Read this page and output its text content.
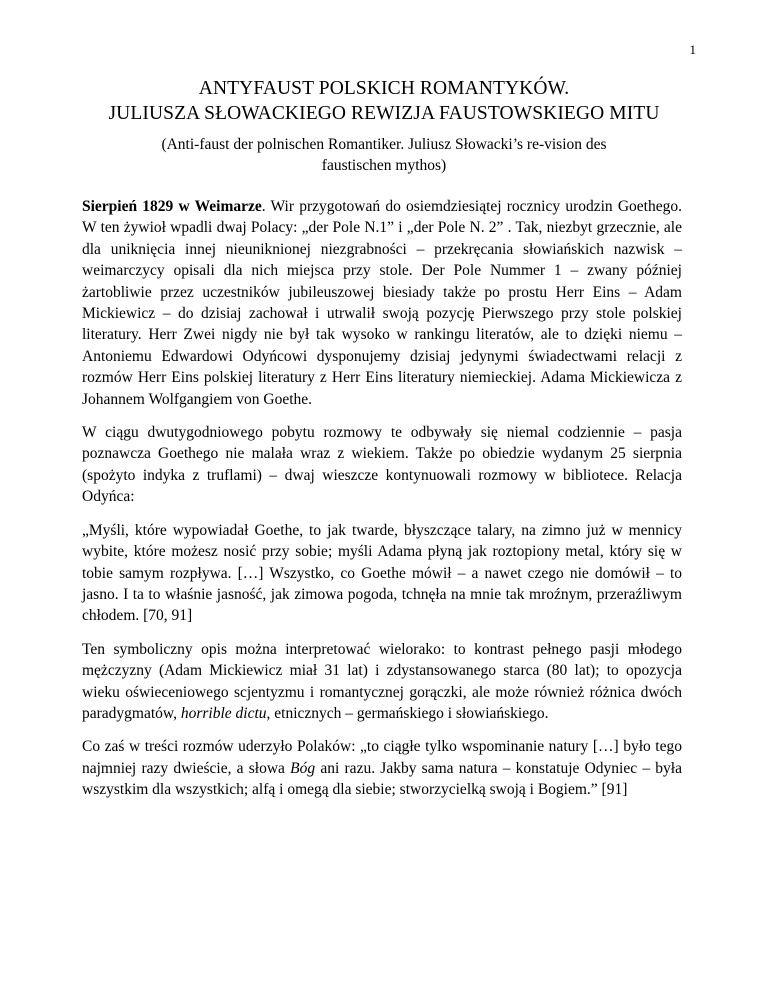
1
ANTYFAUST POLSKICH ROMANTYKÓW.
JULIUSZA SŁOWACKIEGO REWIZJA FAUSTOWSKIEGO MITU
(Anti-faust der polnischen Romantiker. Juliusz Słowacki’s re-vision des
faustischen mythos)

Sierpień 1829 w Weimarze. Wir przygotowań do osiemdziesiątej rocznicy urodzin Goethego. W ten żywioł wpadli dwaj Polacy: „der Pole N.1” i „der Pole N. 2” . Tak, niezbyt grzecznie, ale dla uniknięcia innej nieuniknionej niezgrabności – przekręcania słowiańskich nazwisk – weimarczycy opisali dla nich miejsca przy stole. Der Pole Nummer 1 – zwany później żartobliwie przez uczestników jubileuszowej biesiady także po prostu Herr Eins – Adam Mickiewicz – do dzisiaj zachował i utrwalił swoją pozycję Pierwszego przy stole polskiej literatury. Herr Zwei nigdy nie był tak wysoko w rankingu literatów, ale to dzięki niemu – Antoniemu Edwardowi Odyńcowi dysponujemy dzisiaj jedynymi świadectwami relacji z rozmów Herr Eins polskiej literatury z Herr Eins literatury niemieckiej. Adama Mickiewicza z Johannem Wolfgangiem von Goethe.

W ciągu dwutygodniowego pobytu rozmowy te odbywały się niemal codziennie – pasja poznawcza Goethego nie malała wraz z wiekiem. Także po obiedzie wydanym 25 sierpnia (spożyto indyka z truflami) – dwaj wieszcze kontynuowali rozmowy w bibliotece. Relacja Odyńca:

„Myśli, które wypowiadał Goethe, to jak twarde, błyszczące talary, na zimno już w mennicy wybite, które możesz nosić przy sobie; myśli Adama płyną jak roztopiony metal, który się w tobie samym rozpływa. […] Wszystko, co Goethe mówił – a nawet czego nie domówił – to jasno. I ta to właśnie jasność, jak zimowa pogoda, tchnęła na mnie tak mroźnym, przeraźliwym chłodem. [70, 91]

Ten symboliczny opis można interpretować wielorako: to kontrast pełnego pasji młodego mężczyzny (Adam Mickiewicz miał 31 lat) i zdystansowanego starca (80 lat); to opozycja wieku oświeceniowego scjentyzmu i romantycznej gorączki, ale może również różnica dwóch paradygmatów, horrible dictu, etnicznych – germańskiego i słowiańskiego.

Co zaś w treści rozmów uderzyło Polaków: „to ciągłe tylko wspominanie natury […] było tego najmniej razy dwieście, a słowa Bóg ani razu. Jakby sama natura – konstatuje Odyniec – była wszystkim dla wszystkich; alfą i omegą dla siebie; stworzycielką swoją i Bogiem.” [91]
